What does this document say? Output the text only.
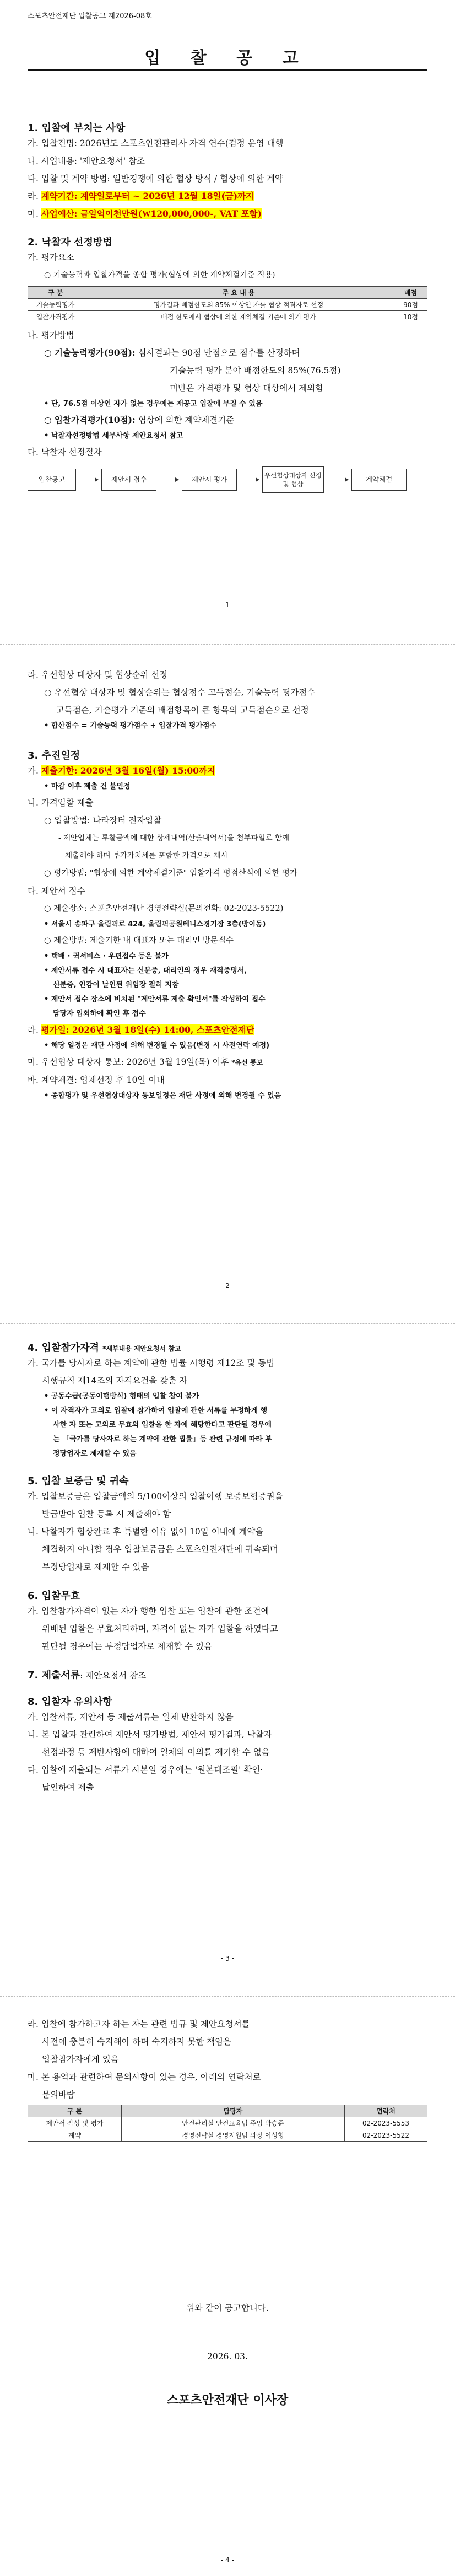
스포츠안전재단 입찰공고 제2026-08호
입 찰 공 고
1. 입찰에 부치는 사항
가. 입찰건명: 2026년도 스포츠안전관리사 자격 연수(검정 운영 대행
나. 사업내용: '제안요청서' 참조
다. 입찰 및 계약 방법: 일반경쟁에 의한 협상 방식 / 협상에 의한 계약
라. 계약기간: 계약일로부터 ~ 2026년 12월 18일(금)까지
마. 사업예산: 금일억이천만원(₩120,000,000-, VAT 포함)
2. 낙찰자 선정방법
가. 평가요소
○ 기술능력과 입찰가격을 종합 평가(협상에 의한 계약체결기준 적용)
구 분	주 요 내 용	배점
기술능력평가	평가결과 배점한도의 85% 이상인 자를 협상 적격자로 선정	90점
입찰가격평가	배점 한도에서 협상에 의한 계약체결 기준에 의거 평가	10점
나. 평가방법
○ 기술능력평가(90점): 심사결과는 90점 만점으로 점수를 산정하며
기술능력 평가 분야 배점한도의 85%(76.5점)
미만은 가격평가 및 협상 대상에서 제외함
• 단, 76.5점 이상인 자가 없는 경우에는 재공고 입찰에 부칠 수 있음
○ 입찰가격평가(10점): 협상에 의한 계약체결기준
• 낙찰자선정방법 세부사항 제안요청서 참고
다. 낙찰자 선정절차
입찰공고	제안서 접수	제안서 평가	우선협상대상자 선정 및 협상
계약체결
- 1 -
라. 우선협상 대상자 및 협상순위 선정
○ 우선협상 대상자 및 협상순위는 협상점수 고득점순, 기술능력 평가점수
고득점순, 기술평가 기준의 배점항목이 큰 항목의 고득점순으로 선정
• 합산점수 = 기술능력 평가점수 + 입찰가격 평가점수
3. 추진일정
가. 제출기한: 2026년 3월 16일(월) 15:00까지
• 마감 이후 제출 건 불인정
나. 가격입찰 제출
○ 입찰방법: 나라장터 전자입찰
- 제안업체는 투찰금액에 대한 상세내역(산출내역서)을 첨부파일로 함께
제출해야 하며 부가가치세를 포함한 가격으로 제시
○ 평가방법: "협상에 의한 계약체결기준" 입찰가격 평점산식에 의한 평가
다. 제안서 접수
○ 제출장소: 스포츠안전재단 경영전략실(문의전화: 02-2023-5522)
• 서울시 송파구 올림픽로 424, 올림픽공원테니스경기장 3층(방이동)
○ 제출방법: 제출기한 내 대표자 또는 대리인 방문접수
• 택배 · 퀵서비스 · 우편접수 등은 불가
• 제안서류 접수 시 대표자는 신분증, 대리인의 경우 재직증명서,
신분증, 인감이 날인된 위임장 필히 지참
• 제안서 접수 장소에 비치된 "제안서류 제출 확인서"를 작성하여 접수
담당자 입회하에 확인 후 접수
라. 평가일: 2026년 3월 18일(수) 14:00, 스포츠안전재단
• 해당 일정은 재단 사정에 의해 변경될 수 있음(변경 시 사전연락 예정)
마. 우선협상 대상자 통보: 2026년 3월 19일(목) 이후 *유선 통보
바. 계약체결: 업체선정 후 10일 이내
• 종합평가 및 우선협상대상자 통보일정은 재단 사정에 의해 변경될 수 있음
- 2 -
4. 입찰참가자격 *세부내용 제안요청서 참고
가. 국가를 당사자로 하는 계약에 관한 법률 시행령 제12조 및 동법
시행규칙 제14조의 자격요건을 갖춘 자
• 공동수급(공동이행방식) 형태의 입찰 참여 불가
• 이 자격자가 고의로 입찰에 참가하여 입찰에 관한 서류를 부정하게 행
사한 자 또는 고의로 무효의 입찰을 한 자에 해당한다고 판단될 경우에
는 「국가를 당사자로 하는 계약에 관한 법률」등 관련 규정에 따라 부
정당업자로 제재할 수 있음
5. 입찰 보증금 및 귀속
가. 입찰보증금은 입찰금액의 5/100이상의 입찰이행 보증보험증권을
발급받아 입찰 등록 시 제출해야 함
나. 낙찰자가 협상완료 후 특별한 이유 없이 10일 이내에 계약을
체결하지 아니할 경우 입찰보증금은 스포츠안전재단에 귀속되며
부정당업자로 제재할 수 있음
6. 입찰무효
가. 입찰참가자격이 없는 자가 행한 입찰 또는 입찰에 관한 조건에
위배된 입찰은 무효처리하며, 자격이 없는 자가 입찰을 하였다고
판단될 경우에는 부정당업자로 제재할 수 있음
7. 제출서류: 제안요청서 참조
8. 입찰자 유의사항
가. 입찰서류, 제안서 등 제출서류는 일체 반환하지 않음
나. 본 입찰과 관련하여 제안서 평가방법, 제안서 평가결과, 낙찰자
선정과정 등 제반사항에 대하여 일체의 이의를 제기할 수 없음
다. 입찰에 제출되는 서류가 사본일 경우에는 '원본대조필' 확인·
날인하여 제출
- 3 -
라. 입찰에 참가하고자 하는 자는 관련 법규 및 제안요청서를
사전에 충분히 숙지해야 하며 숙지하지 못한 책임은
입찰참가자에게 있음
마. 본 용역과 관련하여 문의사항이 있는 경우, 아래의 연락처로
문의바람
구 분	담당자	연락처
제안서 작성 및 평가	안전관리실 안전교육팀 주임 박승준	02-2023-5553
계약	경영전략실 경영지원팀 과장 이성형	02-2023-5522
위와 같이 공고합니다.
2026. 03.
스포츠안전재단 이사장
- 4 -
